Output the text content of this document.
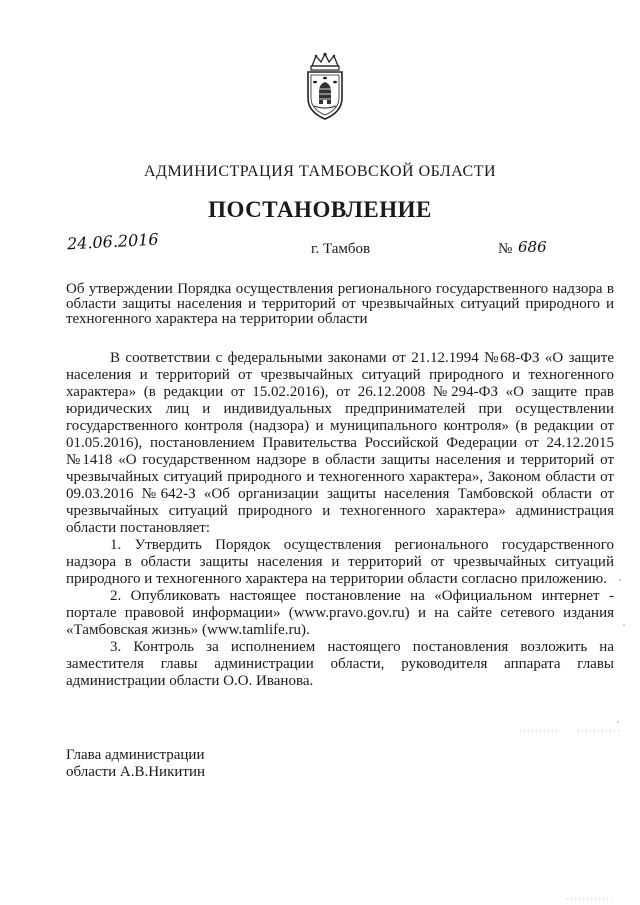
АДМИНИСТРАЦИЯ ТАМБОВСКОЙ ОБЛАСТИ
ПОСТАНОВЛЕНИЕ
24.06.2016	г. Тамбов	№ 686
Об утверждении Порядка осуществления регионального государственного надзора в области защиты населения и территорий от чрезвычайных ситуаций природного и техногенного характера на территории области

В соответствии с федеральными законами от 21.12.1994 №68-ФЗ «О защите населения и территорий от чрезвычайных ситуаций природного и техногенного характера» (в редакции от 15.02.2016), от 26.12.2008 №294-ФЗ «О защите прав юридических лиц и индивидуальных предпринимателей при осуществлении государственного контроля (надзора) и муниципального контроля» (в редакции от 01.05.2016), постановлением Правительства Российской Федерации от 24.12.2015 №1418 «О государственном надзоре в области защиты населения и территорий от чрезвычайных ситуаций природного и техногенного характера», Законом области от 09.03.2016 №642-З «Об организации защиты населения Тамбовской области от чрезвычайных ситуаций природного и техногенного характера» администрация области постановляет:

1. Утвердить Порядок осуществления регионального государственного надзора в области защиты населения и территорий от чрезвычайных ситуаций природного и техногенного характера на территории области согласно приложению.

2. Опубликовать настоящее постановление на «Официальном интернет - портале правовой информации» (www.pravo.gov.ru) и на сайте сетевого издания «Тамбовская жизнь» (www.tamlife.ru).

3. Контроль за исполнением настоящего постановления возложить на заместителя главы администрации области, руководителя аппарата главы администрации области О.О. Иванова.

Глава администрации
области А.В.Никитин
